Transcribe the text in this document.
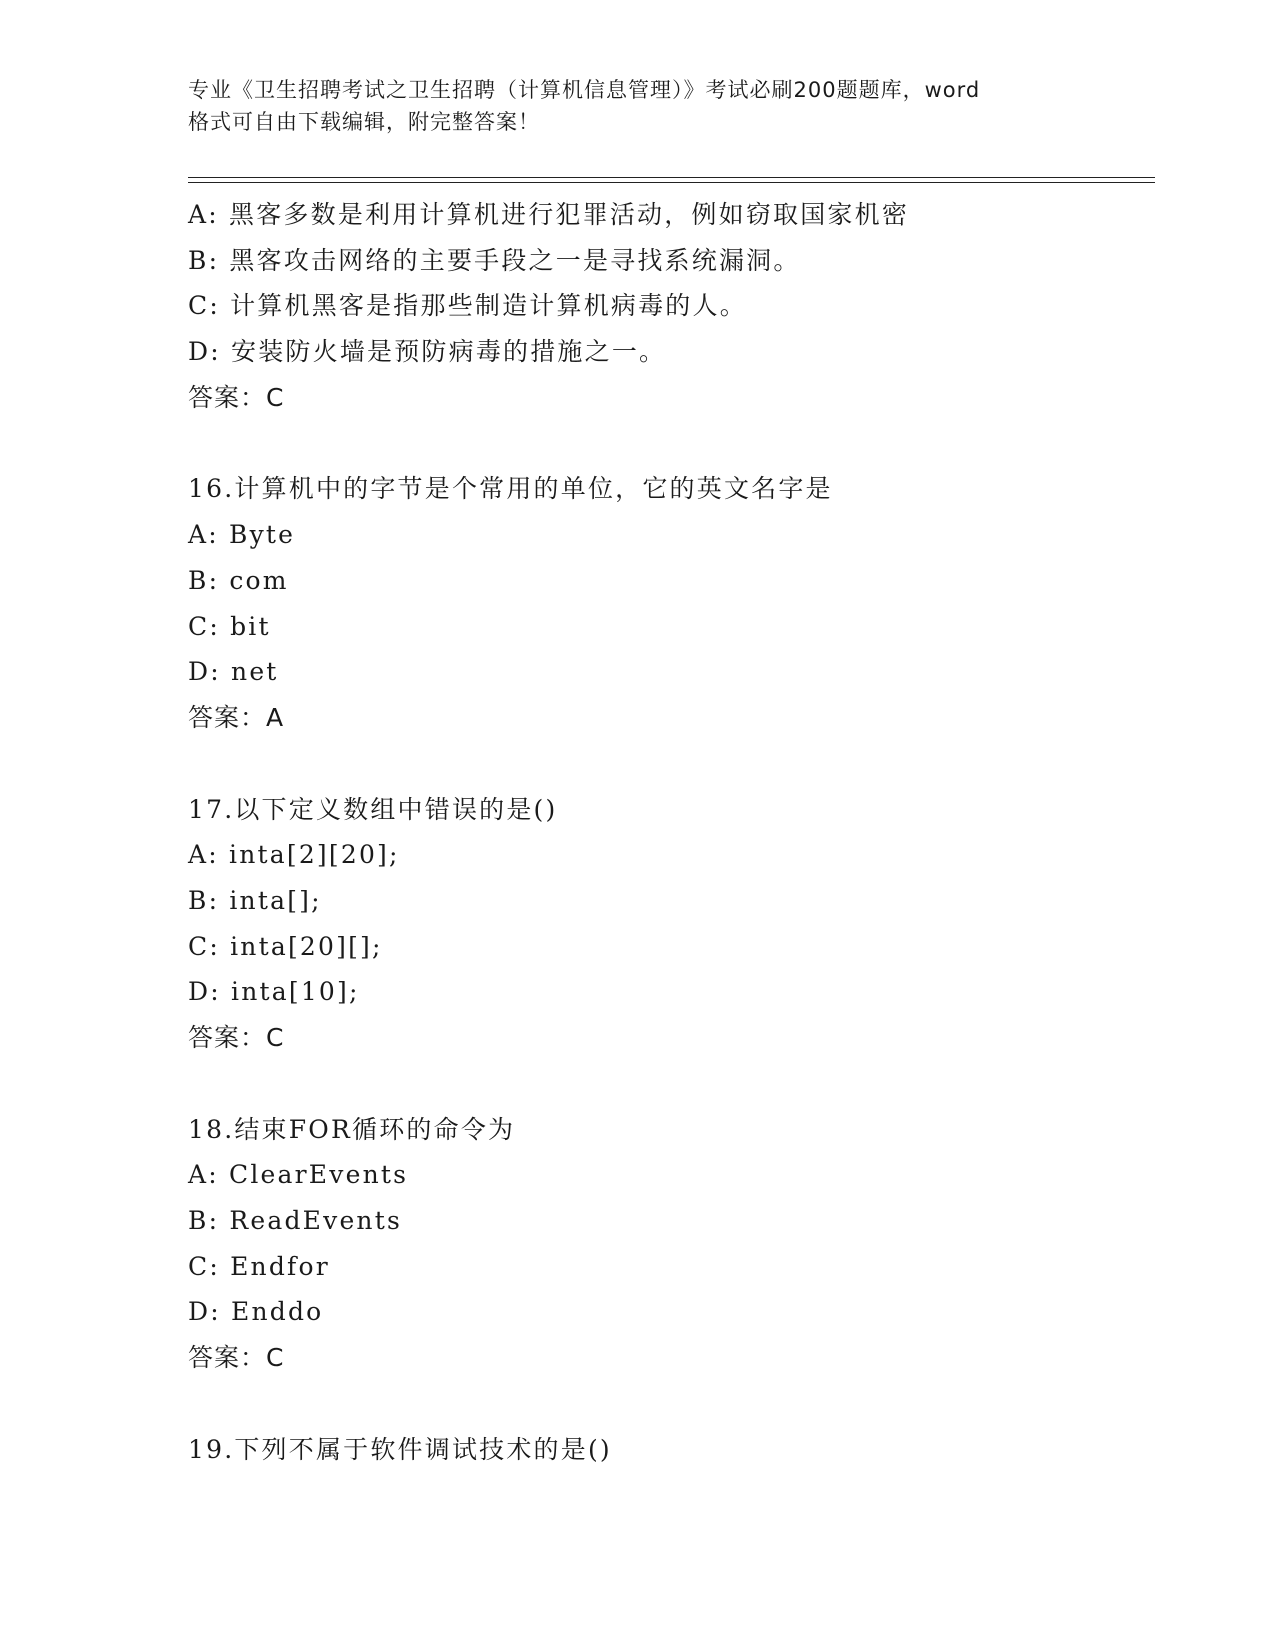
专业《卫生招聘考试之卫生招聘（计算机信息管理）》考试必刷200题题库，word
格式可自由下载编辑，附完整答案！
A: 黑客多数是利用计算机进行犯罪活动，例如窃取国家机密
B: 黑客攻击网络的主要手段之一是寻找系统漏洞。
C: 计算机黑客是指那些制造计算机病毒的人。
D: 安装防火墙是预防病毒的措施之一。
答案：C
16.计算机中的字节是个常用的单位，它的英文名字是
A: Byte
B: com
C: bit
D: net
答案：A
17.以下定义数组中错误的是()
A: inta[2][20];
B: inta[];
C: inta[20][];
D: inta[10];
答案：C
18.结束FOR循环的命令为
A: ClearEvents
B: ReadEvents
C: Endfor
D: Enddo
答案：C
19.下列不属于软件调试技术的是()
